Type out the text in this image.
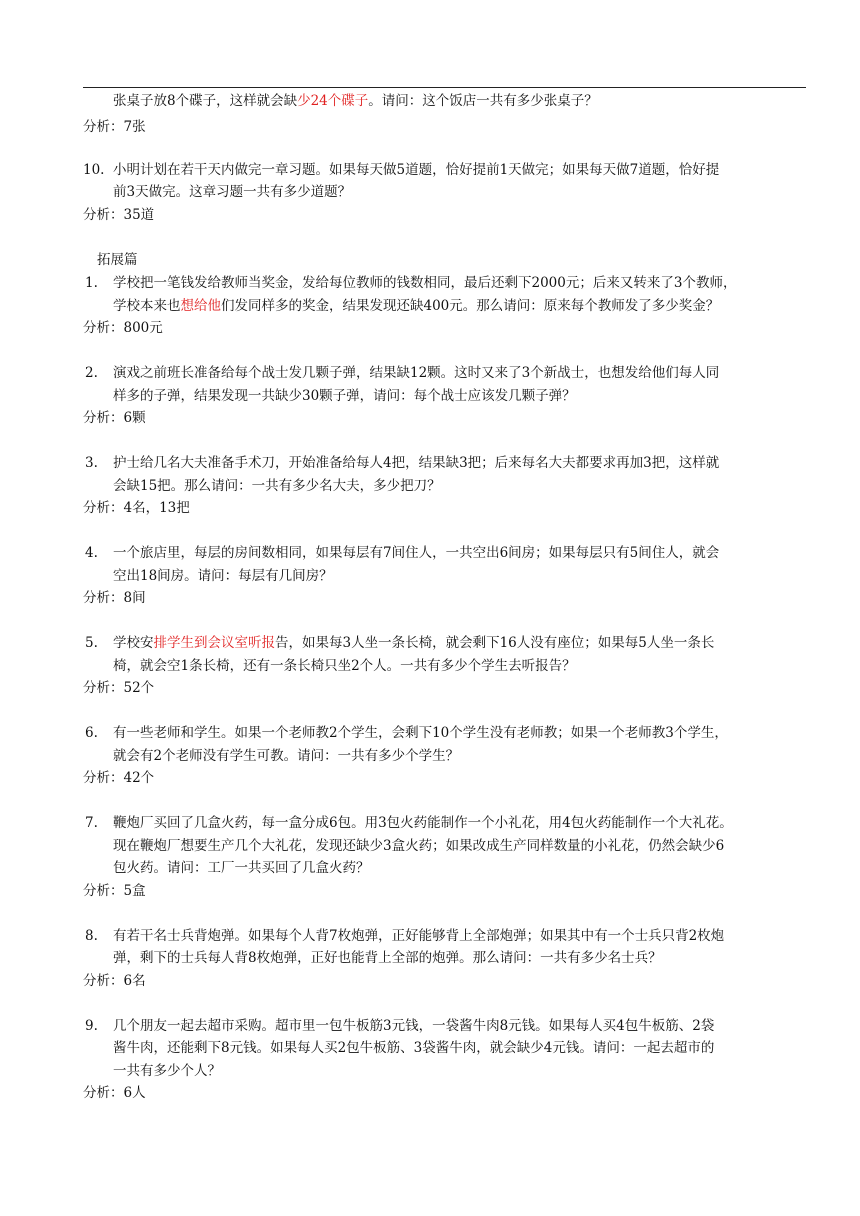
张桌子放8个碟子，这样就会缺少24个碟子。请问：这个饭店一共有多少张桌子？
分析：7张
10. 小明计划在若干天内做完一章习题。如果每天做5道题，恰好提前1天做完；如果每天做7道题，恰好提
前3天做完。这章习题一共有多少道题？
分析：35道
拓展篇
1. 学校把一笔钱发给教师当奖金，发给每位教师的钱数相同，最后还剩下2000元；后来又转来了3个教师，
学校本来也想给他们发同样多的奖金，结果发现还缺400元。那么请问：原来每个教师发了多少奖金？
分析：800元
2. 演戏之前班长准备给每个战士发几颗子弹，结果缺12颗。这时又来了3个新战士，也想发给他们每人同
样多的子弹，结果发现一共缺少30颗子弹，请问：每个战士应该发几颗子弹？
分析：6颗
3. 护士给几名大夫准备手术刀，开始准备给每人4把，结果缺3把；后来每名大夫都要求再加3把，这样就
会缺15把。那么请问：一共有多少名大夫，多少把刀？
分析：4名，13把
4. 一个旅店里，每层的房间数相同，如果每层有7间住人，一共空出6间房；如果每层只有5间住人，就会
空出18间房。请问：每层有几间房？
分析：8间
5. 学校安排学生到会议室听报告，如果每3人坐一条长椅，就会剩下16人没有座位；如果每5人坐一条长
椅，就会空1条长椅，还有一条长椅只坐2个人。一共有多少个学生去听报告？
分析：52个
6. 有一些老师和学生。如果一个老师教2个学生，会剩下10个学生没有老师教；如果一个老师教3个学生，
就会有2个老师没有学生可教。请问：一共有多少个学生？
分析：42个
7. 鞭炮厂买回了几盒火药，每一盒分成6包。用3包火药能制作一个小礼花，用4包火药能制作一个大礼花。
现在鞭炮厂想要生产几个大礼花，发现还缺少3盒火药；如果改成生产同样数量的小礼花，仍然会缺少6
包火药。请问：工厂一共买回了几盒火药？
分析：5盒
8. 有若干名士兵背炮弹。如果每个人背7枚炮弹，正好能够背上全部炮弹；如果其中有一个士兵只背2枚炮
弹，剩下的士兵每人背8枚炮弹，正好也能背上全部的炮弹。那么请问：一共有多少名士兵？
分析：6名
9. 几个朋友一起去超市采购。超市里一包牛板筋3元钱，一袋酱牛肉8元钱。如果每人买4包牛板筋、2袋
酱牛肉，还能剩下8元钱。如果每人买2包牛板筋、3袋酱牛肉，就会缺少4元钱。请问：一起去超市的
一共有多少个人？
分析：6人
